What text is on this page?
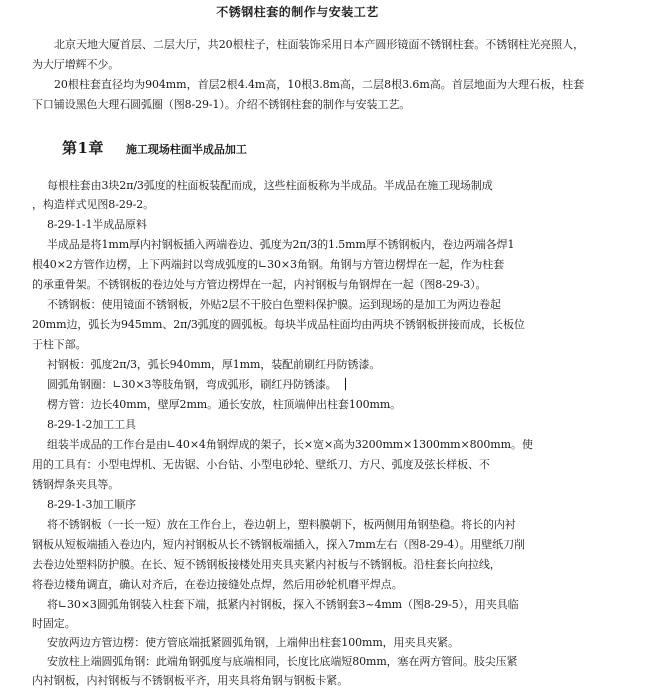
不锈钢柱套的制作与安装工艺

北京天地大厦首层、二层大厅，共20根柱子，柱面装饰采用日本产圆形镜面不锈钢柱套。不锈钢柱光亮照人，为大厅增辉不少。

20根柱套直径均为904mm，首层2根4.4m高，10根3.8m高，二层8根3.6m高。首层地面为大理石板，柱套下口铺设黑色大理石圆弧圈（图8-29-1）。介绍不锈钢柱套的制作与安装工艺。

第1章 施工现场柱面半成品加工
每根柱套由3块2π/3弧度的柱面板装配而成，这些柱面板称为半成品。半成品在施工现场制成
，构造样式见图8-29-2。
8-29-1-1半成品原料
半成品是将1mm厚内衬钢板插入两端卷边、弧度为2π/3的1.5mm厚不锈钢板内，卷边两端各焊1
根40×2方管作边楞，上下两端封以弯成弧度的∟30×3角钢。角钢与方管边楞焊在一起，作为柱套
的承重骨架。不锈钢板的卷边处与方管边楞焊在一起，内衬钢板与角钢焊在一起（图8-29-3）。
不锈钢板：使用镜面不锈钢板，外贴2层不干胶白色塑料保护膜。运到现场的是加工为两边卷起
20mm边，弧长为945mm、2π/3弧度的圆弧板。每块半成品柱面均由两块不锈钢板拼接而成，长板位
于柱下部。
衬钢板：弧度2π/3，弧长940mm，厚1mm，装配前刷红丹防锈漆。
圆弧角钢圈：∟30×3等肢角钢，弯成弧形，刷红丹防锈漆。
楞方管：边长40mm，壁厚2mm。通长安放，柱顶端伸出柱套100mm。
8-29-1-2加工工具
组装半成品的工作台是由∟40×4角钢焊成的架子，长×宽×高为3200mm×1300mm×800mm。使
用的工具有：小型电焊机、无齿锯、小台钻、小型电砂轮、壁纸刀、方尺、弧度及弦长样板、不
锈钢焊条夹具等。
8-29-1-3加工顺序
将不锈钢板（一长一短）放在工作台上，卷边朝上，塑料膜朝下，板两侧用角钢垫稳。将长的内衬
钢板从短板端插入卷边内，短内衬钢板从长不锈钢板端插入，探入7mm左右（图8-29-4）。用壁纸刀削
去卷边处塑料防护膜。在长、短不锈钢板接楼处用夹具夹紧内衬板与不锈钢板。沿柱套长向拉线，
将卷边楼角调直，确认对齐后，在卷边接缝处点焊，然后用砂轮机磨平焊点。
将∟30×3圆弧角钢装入柱套下端，抵紧内衬钢板，探入不锈钢套3~4mm（图8-29-5），用夹具临
时固定。
安放两边方管边楞：使方管底端抵紧圆弧角钢，上端伸出柱套100mm，用夹具夹紧。
安放柱上端圆弧角钢：此端角钢弧度与底端相同，长度比底端短80mm，塞在两方管间。肢尖压紧
内衬钢板，内衬钢板与不锈钢板平齐，用夹具将角钢与钢板卡紧。
